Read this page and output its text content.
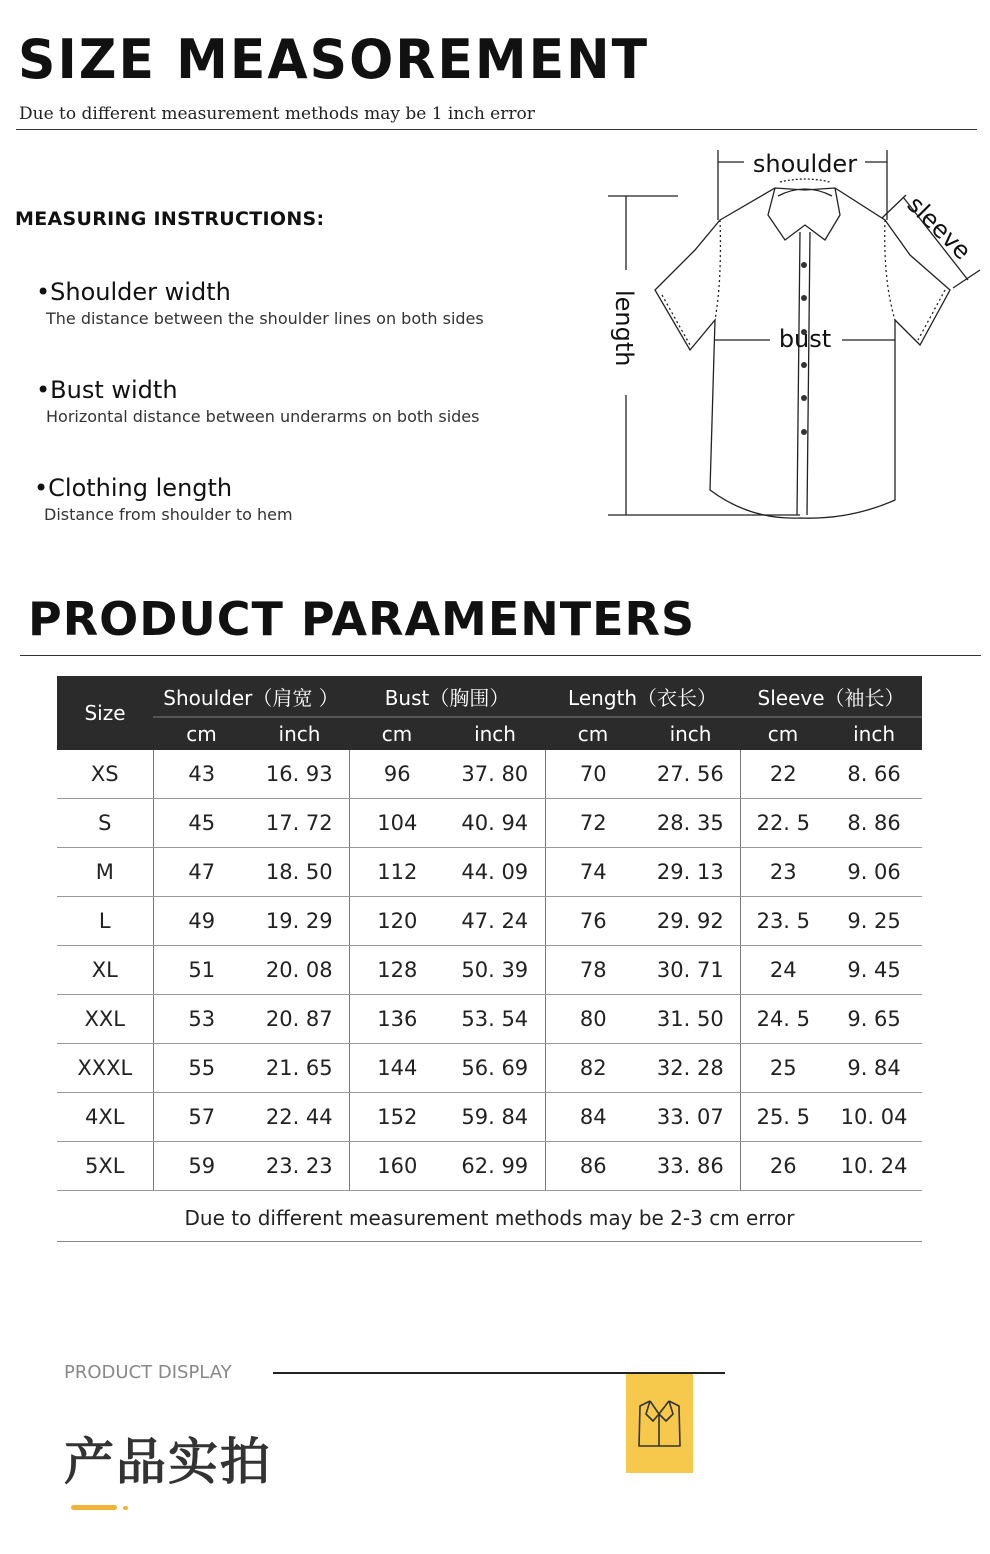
SIZE MEASOREMENT
Due to different measurement methods may be 1 inch error
MEASURING INSTRUCTIONS:
•Shoulder width
The distance between the shoulder lines on both sides
•Bust width
Horizontal distance between underarms on both sides
•Clothing length
Distance from shoulder to hem
shoulder
bust
length
sleeve
PRODUCT PARAMENTERS
Size	Shoulder（肩宽 ）		Bust（胸围）		Length（衣长）		Sleeve（袖长）	
	cm	inch	cm	inch	cm	inch	cm	inch
XS	43	16. 93	96	37. 80	70	27. 56	22	8. 66
S	45	17. 72	104	40. 94	72	28. 35	22. 5	8. 86
M	47	18. 50	112	44. 09	74	29. 13	23	9. 06
L	49	19. 29	120	47. 24	76	29. 92	23. 5	9. 25
XL	51	20. 08	128	50. 39	78	30. 71	24	9. 45
XXL	53	20. 87	136	53. 54	80	31. 50	24. 5	9. 65
XXXL	55	21. 65	144	56. 69	82	32. 28	25	9. 84
4XL	57	22. 44	152	59. 84	84	33. 07	25. 5	10. 04
5XL	59	23. 23	160	62. 99	86	33. 86	26	10. 24
Due to different measurement methods may be 2-3 cm error
PRODUCT DISPLAY
产品实拍
